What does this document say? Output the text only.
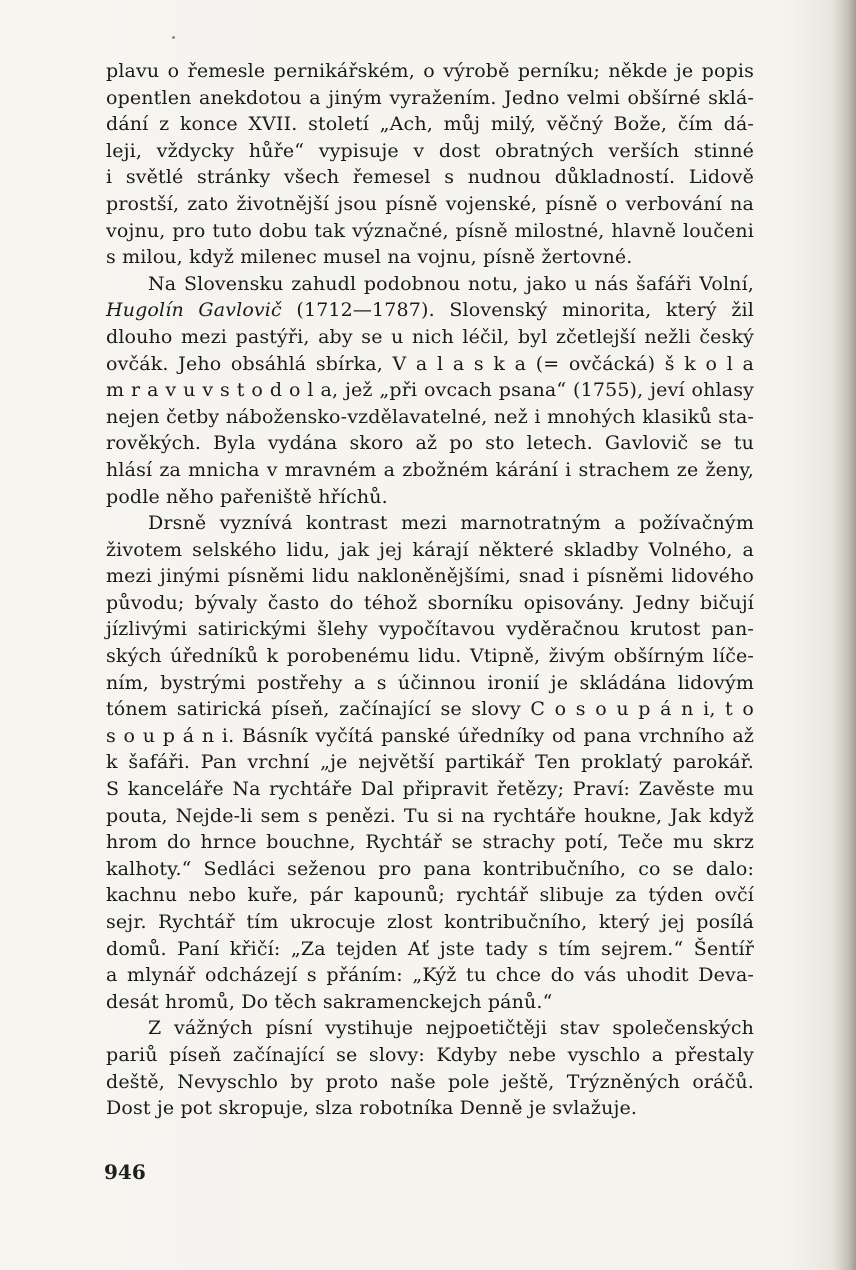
plavu o řemesle pernikářském, o výrobě perníku; někde je popis
opentlen anekdotou a jiným vyražením. Jedno velmi obšírné sklá-
dání z konce XVII. století „Ach, můj milý, věčný Bože, čím dá-
leji, vždycky hůře“ vypisuje v dost obratných verších stinné
i světlé stránky všech řemesel s nudnou důkladností. Lidově
prostší, zato životnější jsou písně vojenské, písně o verbování na
vojnu, pro tuto dobu tak význačné, písně milostné, hlavně loučeni
s milou, když milenec musel na vojnu, písně žertovné.
Na Slovensku zahudl podobnou notu, jako u nás šafáři Volní,
Hugolín Gavlovič (1712—1787). Slovenský minorita, který žil
dlouho mezi pastýři, aby se u nich léčil, byl zčetlejší nežli český
ovčák. Jeho obsáhlá sbírka, V a l a s k a (= ovčácká) š k o l a
m r a v u v s t o d o l a, jež „při ovcach psana“ (1755), jeví ohlasy
nejen četby nábožensko-vzdělavatelné, než i mnohých klasiků sta-
rověkých. Byla vydána skoro až po sto letech. Gavlovič se tu
hlásí za mnicha v mravném a zbožném kárání i strachem ze ženy,
podle něho pařeniště hříchů.
Drsně vyznívá kontrast mezi marnotratným a požívačným
životem selského lidu, jak jej kárají některé skladby Volného, a
mezi jinými písněmi lidu nakloněnějšími, snad i písněmi lidového
původu; bývaly často do téhož sborníku opisovány. Jedny bičují
jízlivými satirickými šlehy vypočítavou vyděračnou krutost pan-
ských úředníků k porobenému lidu. Vtipně, živým obšírným líče-
ním, bystrými postřehy a s účinnou ironií je skládána lidovým
tónem satirická píseň, začínající se slovy C o s o u p á n i, t o
s o u p á n i. Básník vyčítá panské úředníky od pana vrchního až
k šafáři. Pan vrchní „je největší partikář Ten proklatý parokář.
S kanceláře Na rychtáře Dal připravit řetězy; Praví: Zavěste mu
pouta, Nejde-li sem s penězi. Tu si na rychtáře houkne, Jak když
hrom do hrnce bouchne, Rychtář se strachy potí, Teče mu skrz
kalhoty.“ Sedláci seženou pro pana kontribučního, co se dalo:
kachnu nebo kuře, pár kapounů; rychtář slibuje za týden ovčí
sejr. Rychtář tím ukrocuje zlost kontribučního, který jej posílá
domů. Paní křičí: „Za tejden Ať jste tady s tím sejrem.“ Šentíř
a mlynář odcházejí s přáním: „Kýž tu chce do vás uhodit Deva-
desát hromů, Do těch sakramenckejch pánů.“
Z vážných písní vystihuje nejpoetičtěji stav společenských
pariů píseň začínající se slovy: Kdyby nebe vyschlo a přestaly
deště, Nevyschlo by proto naše pole ještě, Trýzněných oráčů.
Dost je pot skropuje, slza robotníka Denně je svlažuje.
946
